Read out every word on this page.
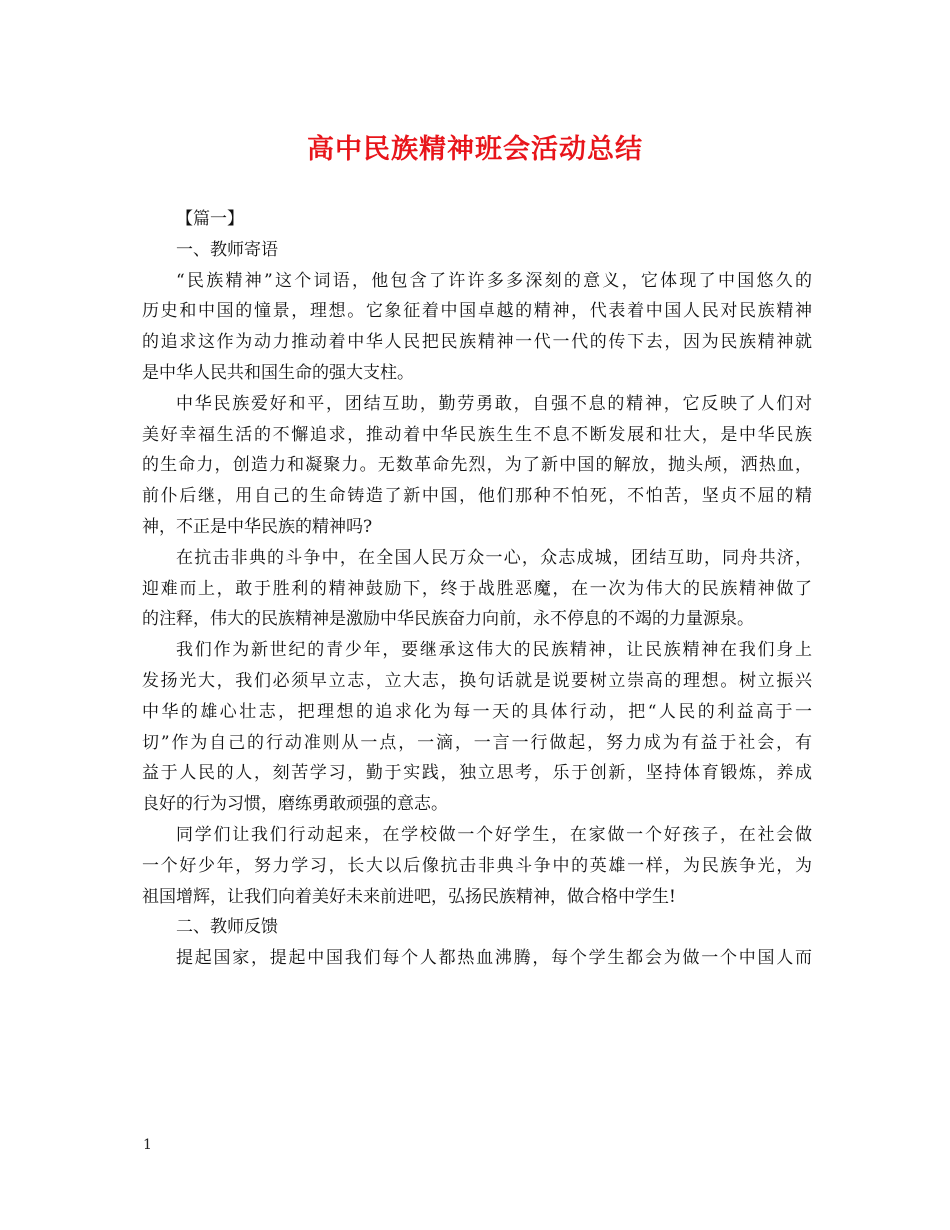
高中民族精神班会活动总结
【篇一】
一、教师寄语
“民族精神”这个词语，他包含了许许多多深刻的意义，它体现了中国悠久的
历史和中国的憧景，理想。它象征着中国卓越的精神，代表着中国人民对民族精神
的追求这作为动力推动着中华人民把民族精神一代一代的传下去，因为民族精神就
是中华人民共和国生命的强大支柱。
中华民族爱好和平，团结互助，勤劳勇敢，自强不息的精神，它反映了人们对
美好幸福生活的不懈追求，推动着中华民族生生不息不断发展和壮大，是中华民族
的生命力，创造力和凝聚力。无数革命先烈，为了新中国的解放，抛头颅，洒热血，
前仆后继，用自己的生命铸造了新中国，他们那种不怕死，不怕苦，坚贞不屈的精
神，不正是中华民族的精神吗?
在抗击非典的斗争中，在全国人民万众一心，众志成城，团结互助，同舟共济，
迎难而上，敢于胜利的精神鼓励下，终于战胜恶魔，在一次为伟大的民族精神做了
的注释，伟大的民族精神是激励中华民族奋力向前，永不停息的不竭的力量源泉。
我们作为新世纪的青少年，要继承这伟大的民族精神，让民族精神在我们身上
发扬光大，我们必须早立志，立大志，换句话就是说要树立崇高的理想。树立振兴
中华的雄心壮志，把理想的追求化为每一天的具体行动，把“人民的利益高于一
切”作为自己的行动准则从一点，一滴，一言一行做起，努力成为有益于社会，有
益于人民的人，刻苦学习，勤于实践，独立思考，乐于创新，坚持体育锻炼，养成
良好的行为习惯，磨练勇敢顽强的意志。
同学们让我们行动起来，在学校做一个好学生，在家做一个好孩子，在社会做
一个好少年，努力学习，长大以后像抗击非典斗争中的英雄一样，为民族争光，为
祖国增辉，让我们向着美好未来前进吧，弘扬民族精神，做合格中学生!
二、教师反馈
提起国家，提起中国我们每个人都热血沸腾，每个学生都会为做一个中国人而
1
